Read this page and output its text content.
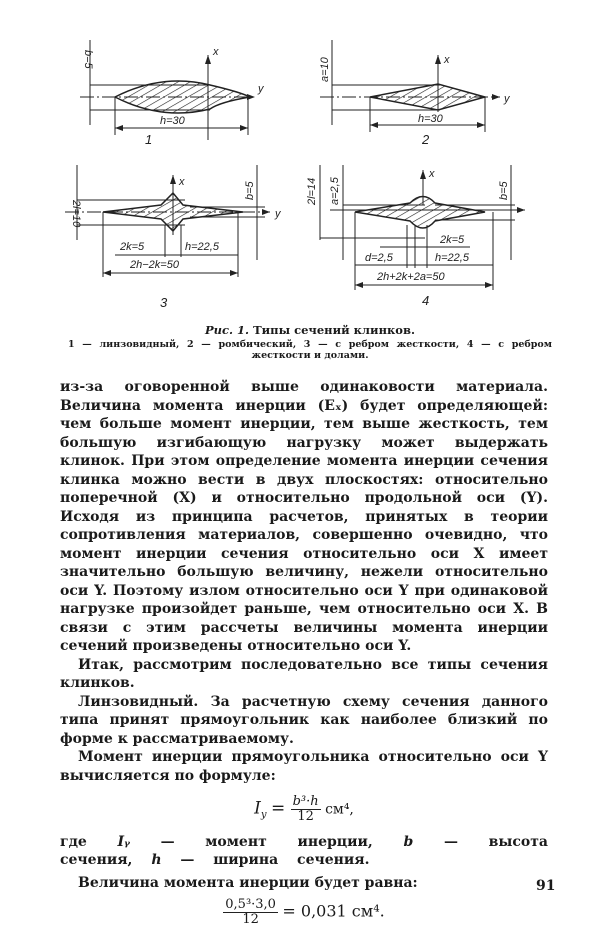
x
y
h=30
b=5
1
x
y
h=30
a=10
2
x
y
2k=5	h=22,5
2h−2k=50
2l=10
b=5
3
x
2k=5
d=2,5	h=22,5
2h+2k+2a=50
2l=14 a=2,5	b=5
4
Рис. 1. Типы сечений клинков.
1 — линзовидный, 2 — ромбический, 3 — с ребром жесткости, 4 — с ребром жесткости и долами.

из-за оговоренной выше одинаковости материала. Величина момента инерции (Eₓ) будет определяющей: чем больше момент инерции, тем выше жесткость, тем большую изгибающую нагрузку может выдержать клинок. При этом определение момента инерции сечения клинка можно вести в двух плоскостях: относительно поперечной (X) и относительно продольной оси (Y). Исходя из принципа расчетов, принятых в теории сопротивления материалов, совершенно очевидно, что момент инерции сечения относительно оси X имеет значительно большую величину, нежели относительно оси Y. Поэтому излом относительно оси Y при одинаковой нагрузке произойдет раньше, чем относительно оси X. В связи с этим рассчеты величины момента инерции сечений произведены относительно оси Y.

Итак, рассмотрим последовательно все типы сечения клинков.

Линзовидный. За расчетную схему сечения данного типа принят прямоугольник как наиболее близкий по форме к рассматриваемому.

Момент инерции прямоугольника относительно оси Y вычисляется по формуле:

$I_y = \frac{\text{b³·h}}{12} см^4$,

где Iᵧ — момент инерции, b — высота сечения, h — ширина сечения.

Величина момента инерции будет равна:

$\frac{\text{0,5³·3,0}}{12} = 0,031$ см⁴.
91
